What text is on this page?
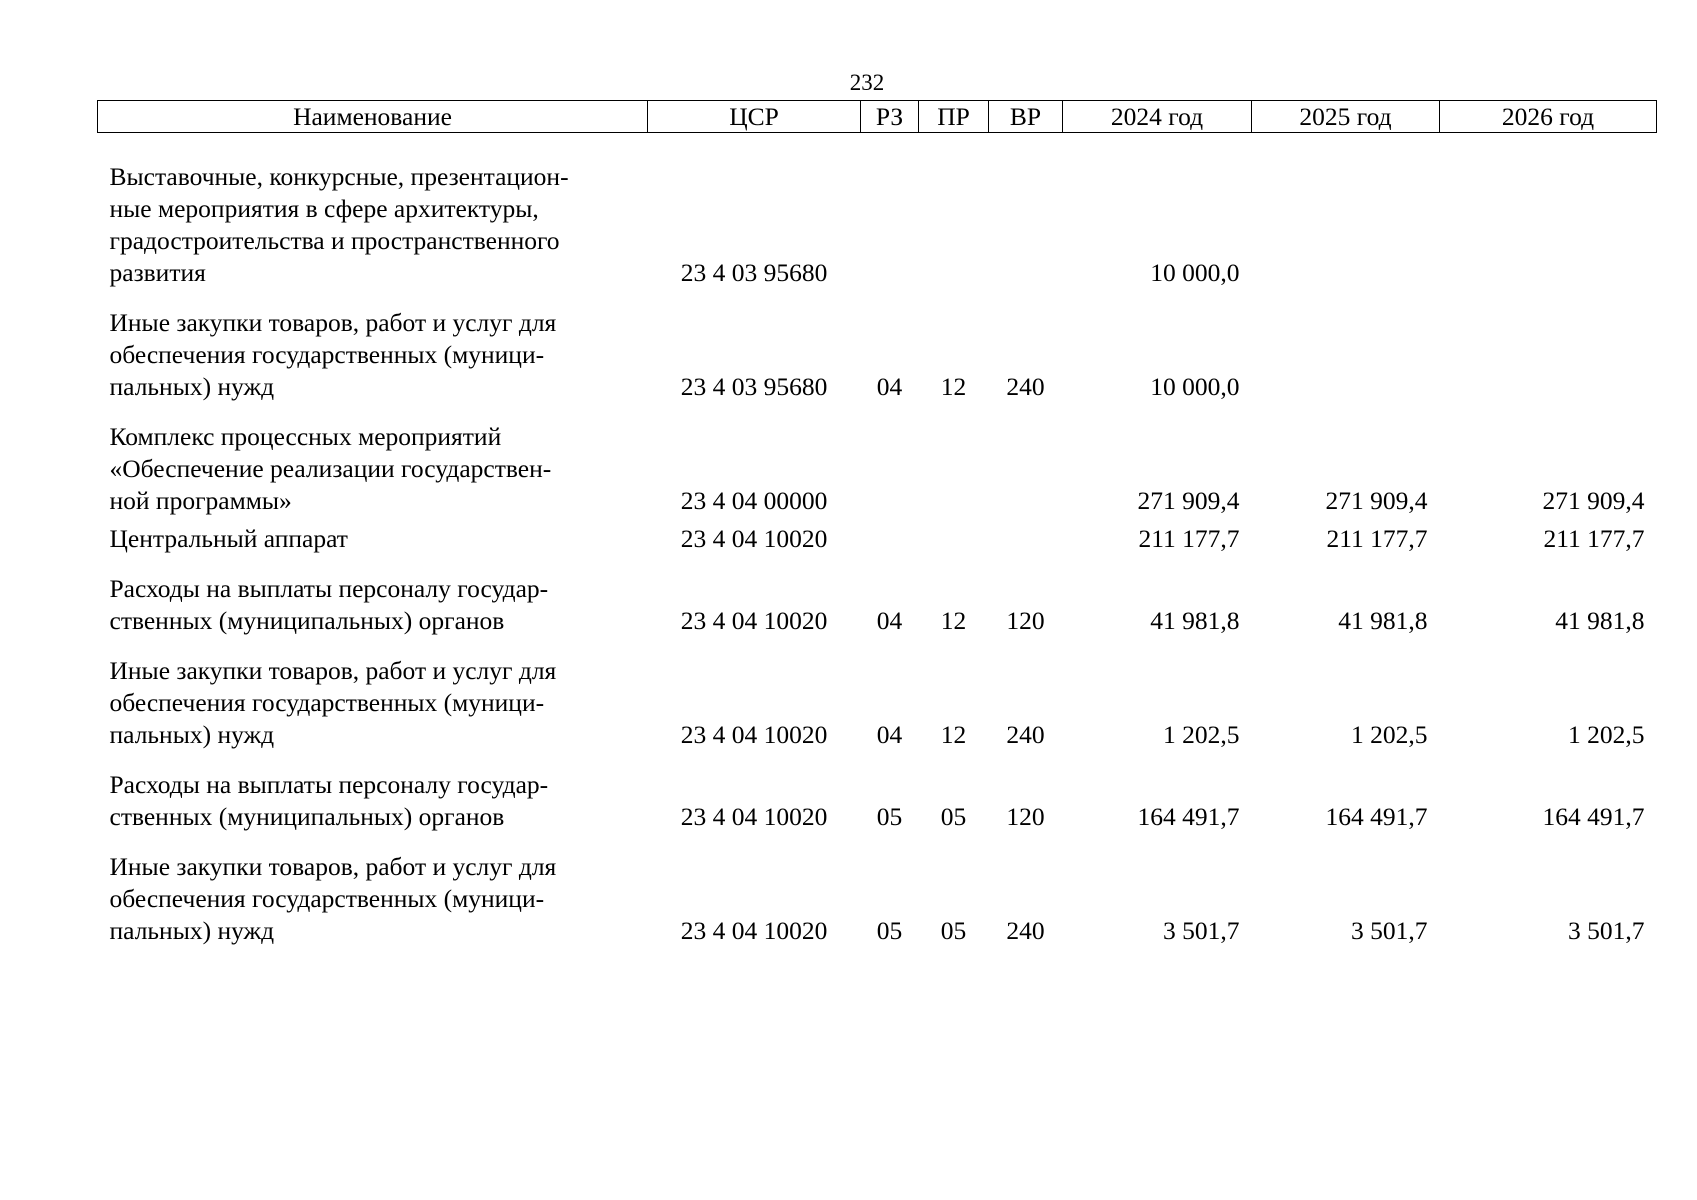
232
Наименование	ЦСР	РЗ	ПР	ВР	2024 год	2025 год	2026 год

Выставочные, конкурсные, презентацион-
ные мероприятия в сфере архитектуры,
градостроительства и пространственного
развития	23 4 03 95680				10 000,0		

Иные закупки товаров, работ и услуг для
обеспечения государственных (муници-
пальных) нужд	23 4 03 95680	04	12	240	10 000,0		

Комплекс процессных мероприятий
«Обеспечение реализации государствен-
ной программы»	23 4 04 00000				271 909,4	271 909,4	271 909,4

Центральный аппарат	23 4 04 10020				211 177,7	211 177,7	211 177,7

Расходы на выплаты персоналу государ-
ственных (муниципальных) органов	23 4 04 10020	04	12	120	41 981,8	41 981,8	41 981,8

Иные закупки товаров, работ и услуг для
обеспечения государственных (муници-
пальных) нужд	23 4 04 10020	04	12	240	1 202,5	1 202,5	1 202,5

Расходы на выплаты персоналу государ-
ственных (муниципальных) органов	23 4 04 10020	05	05	120	164 491,7	164 491,7	164 491,7

Иные закупки товаров, работ и услуг для
обеспечения государственных (муници-
пальных) нужд	23 4 04 10020	05	05	240	3 501,7	3 501,7	3 501,7
